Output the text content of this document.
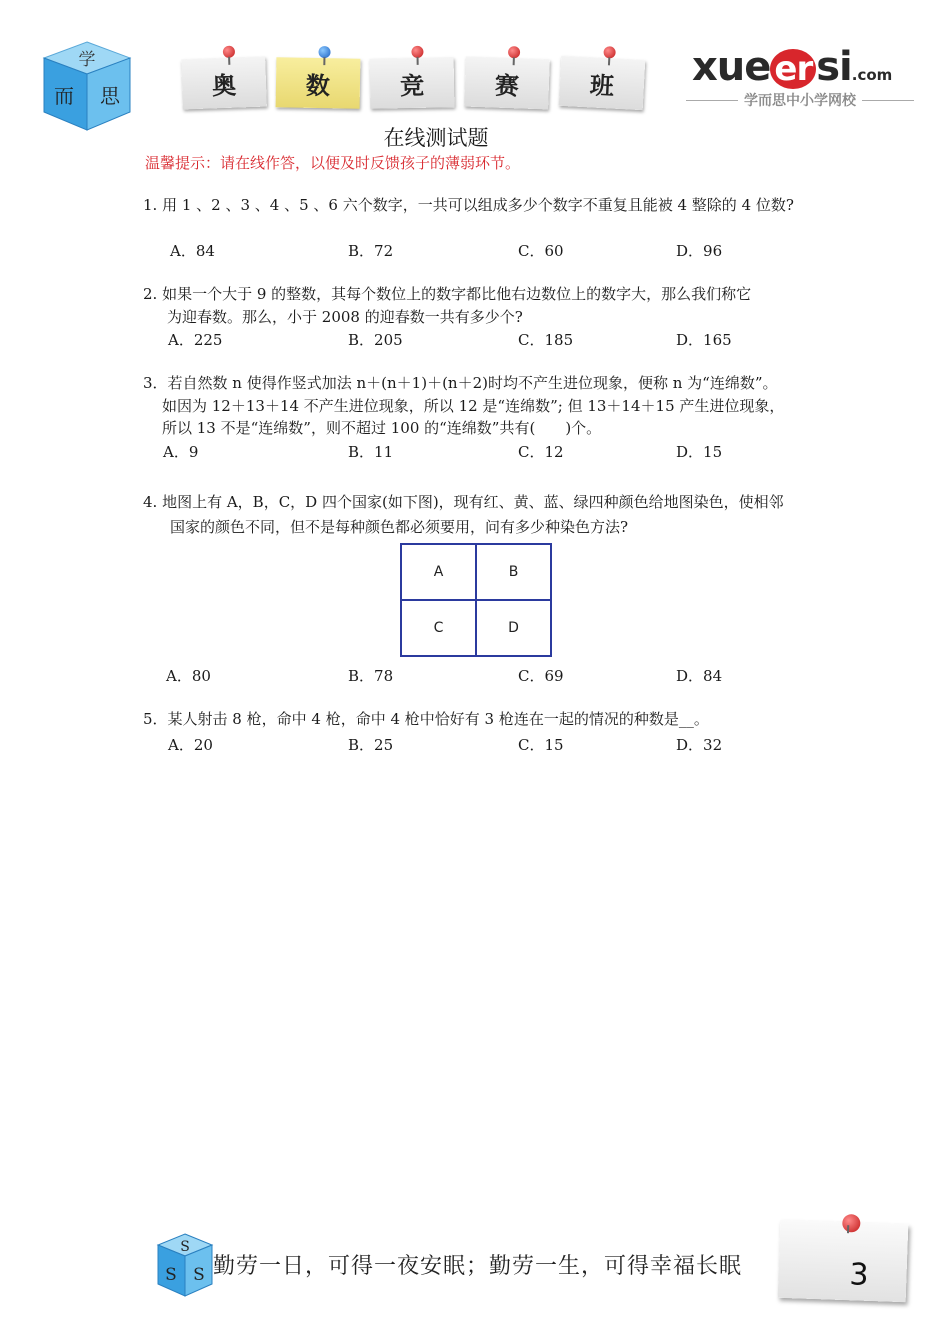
学
而 思	奥	数	竞	赛	班 xue er si.com
学而思中小学网校
在线测试题
温馨提示：请在线作答，以便及时反馈孩子的薄弱环节。
1. 用 1 、2 、3 、4 、5 、6 六个数字，一共可以组成多少个数字不重复且能被 4 整除的 4 位数?
A．84	B．72	C．60	D．96
2. 如果一个大于 9 的整数，其每个数位上的数字都比他右边数位上的数字大，那么我们称它
为迎春数。那么，小于 2008 的迎春数一共有多少个?
A．225	B．205	C．185	D．165
3．若自然数 n 使得作竖式加法 n＋(n＋1)＋(n＋2)时均不产生进位现象，便称 n 为“连绵数”。
如因为 12＋13＋14 不产生进位现象，所以 12 是“连绵数”; 但 13＋14＋15 产生进位现象，
所以 13 不是“连绵数”，则不超过 100 的“连绵数”共有(　　)个。
A．9	B．11	C．12	D．15
4. 地图上有 A，B，C，D 四个国家(如下图)，现有红、黄、蓝、绿四种颜色给地图染色，使相邻
国家的颜色不同，但不是每种颜色都必须要用，问有多少种染色方法?
A	B
C	D
A．80	B．78	C．69	D．84
5．某人射击 8 枪，命中 4 枪，命中 4 枪中恰好有 3 枪连在一起的情况的种数是__。
A．20	B．25	C．15	D．32
S
S S 勤劳一日，可得一夜安眠；勤劳一生，可得幸福长眠	3
